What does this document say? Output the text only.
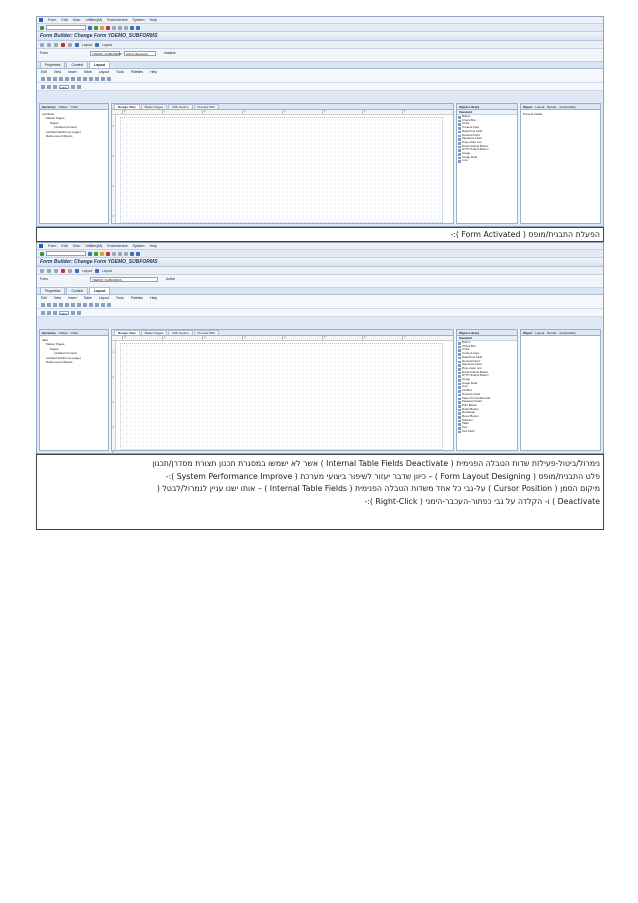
Form Edit Goto Utilities(M) Environment System Help
Form Builder: Change Form YDEMO_SUBFORMS
Layout	Layout
Form	YDEMO_SUBFORMS	Active (Revised)	Inactive
Properties	Context	Layout
Edit View Insert Table Layout Tools Palettes Help
116%
Hierarchy Tables Order
(untitled)
Master Pages
Page1
(untitled Content)
(untitled Subforms) (page)
Referenced Objects
Design View	Master Pages	XML Source	Preview PDF
0	1	2	3	4	5	6	7
1
2
3
4
Object Library
Standard
Button
Check Box
Circle
Content Area
Date/Time Field
Decimal Field
Signature Field
Drop-down List
Email Submit Button
HTTP Submit Button
Image
Image Field
Line
Object Layout Border Accessibility
Present Fields
הפעלת התבנית/מופס ( Form Activated ):-
Form Edit Goto Utilities(M) Environment System Help
Form Builder: Change Form YDEMO_SUBFORMS
Layout	Layout
Form	YDEMO_SUBFORMS	Active
Properties	Context	Layout
Edit View Insert Table Layout Tools Palettes Help
116%
Hierarchy Tables Order
data
Master Pages
Page1
(untitled Content)
(untitled Subforms) (page)
Referenced Objects
Design View	Master Pages	XML Source	Preview PDF
0	1	2	3	4	5	6	7
1
2
3
4
5
Object Library
Standard
Button
Check Box
Circle
Content Area
Date/Time Field
Decimal Field
Signature Field
Drop-down List
Email Submit Button
HTTP Submit Button
Image
Image Field
Line
List Box
Numeric Field
Paper Forms Barcode
Password Field
Print Button
Radio Button
Rectangle
Reset Button
Subform
Table
Text
Text Field
Object Layout Border Accessibility
נימרול/ביטול-פעילזת שדות הטבלה הפנימית ( Internal Table Fields Deactivate ) אשר לא ישמשו במסגרת תכנון תצורת מסדרן/תכנון
פלט התבנית/מופס ( Form Layout Designing ) – כיוון שדבר יעזור לשיפור ביצועי מערכת ( System Performance Improve ):-
מיקום הסמן ( Cursor Position ) על-גבי כל אחד משדות הטבלה הפנימית ( Internal Table Fields ) – אותו ישנו עניין לנמרול/לבטל (
Deactivate ) ו- הקלדה על גבי כפתור-העכבר-הימני ( Right-Click ):-
